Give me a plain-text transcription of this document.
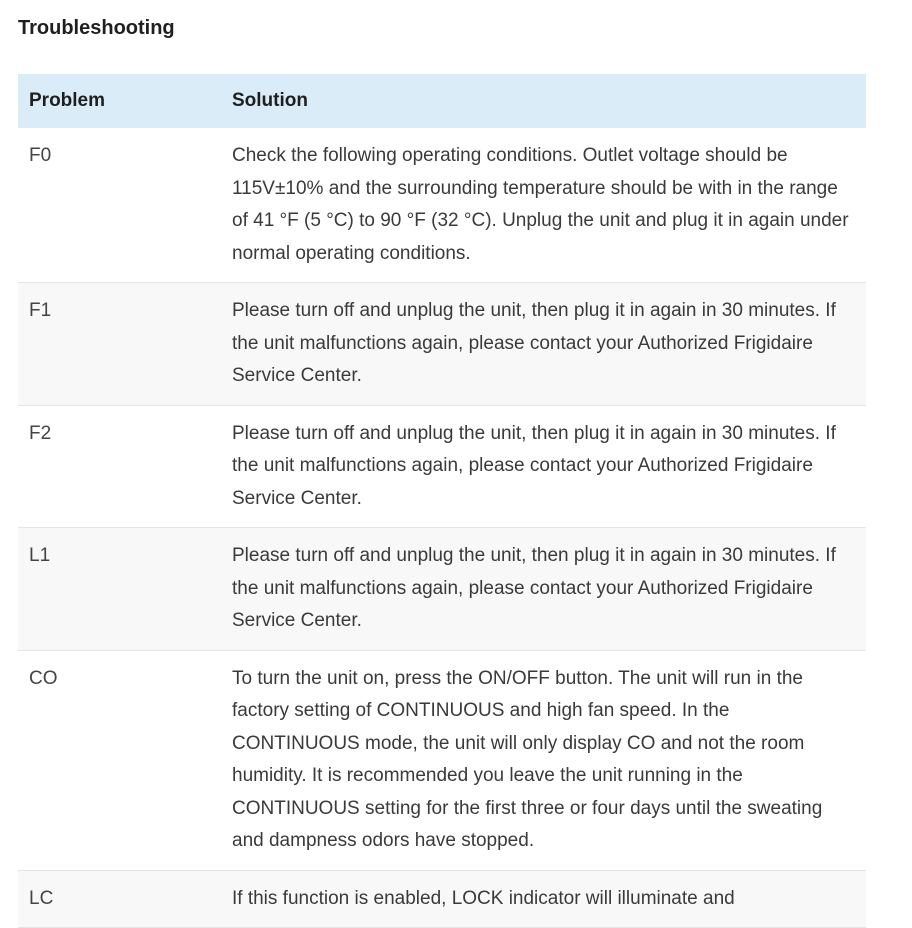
Troubleshooting
Problem	Solution
F0	Check the following operating conditions. Outlet voltage should be 115V±10% and the surrounding temperature should be with in the range of 41 °F (5 °C) to 90 °F (32 °C). Unplug the unit and plug it in again under normal operating conditions.
F1	Please turn off and unplug the unit, then plug it in again in 30 minutes. If the unit malfunctions again, please contact your Authorized Frigidaire Service Center.
F2	Please turn off and unplug the unit, then plug it in again in 30 minutes. If the unit malfunctions again, please contact your Authorized Frigidaire Service Center.
L1	Please turn off and unplug the unit, then plug it in again in 30 minutes. If the unit malfunctions again, please contact your Authorized Frigidaire Service Center.
CO	To turn the unit on, press the ON/OFF button. The unit will run in the factory setting of CONTINUOUS and high fan speed. In the CONTINUOUS mode, the unit will only display CO and not the room humidity. It is recommended you leave the unit running in the CONTINUOUS setting for the first three or four days until the sweating and dampness odors have stopped.
LC	If this function is enabled, LOCK indicator will illuminate and
